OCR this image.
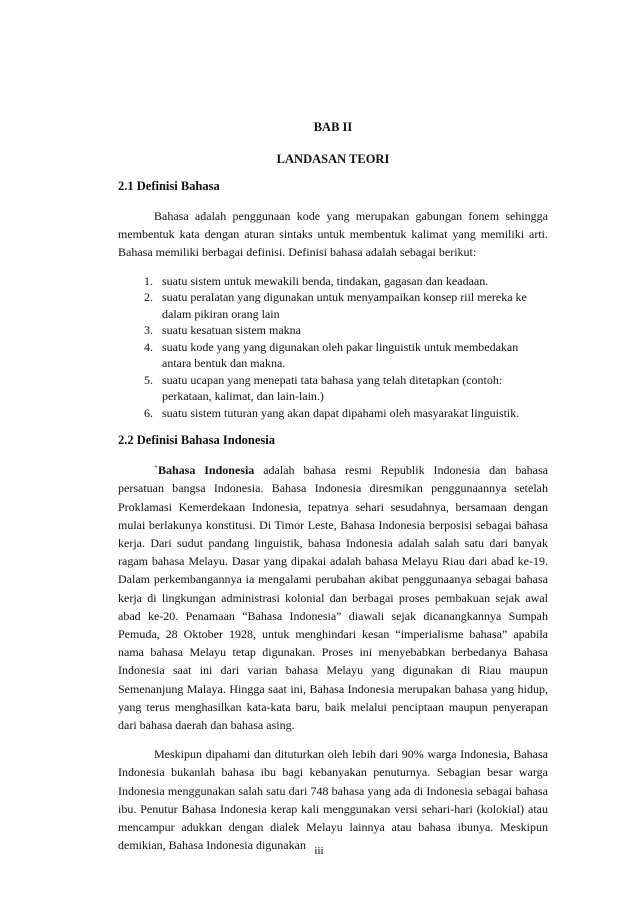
BAB II
LANDASAN TEORI
2.1 Definisi Bahasa

Bahasa adalah penggunaan kode yang merupakan gabungan fonem sehingga membentuk kata dengan aturan sintaks untuk membentuk kalimat yang memiliki arti. Bahasa memiliki berbagai definisi. Definisi bahasa adalah sebagai berikut:

1. suatu sistem untuk mewakili benda, tindakan, gagasan dan keadaan.
2. suatu peralatan yang digunakan untuk menyampaikan konsep riil mereka ke dalam pikiran orang lain
3. suatu kesatuan sistem makna
4. suatu kode yang yang digunakan oleh pakar linguistik untuk membedakan antara bentuk dan makna.
5. suatu ucapan yang menepati tata bahasa yang telah ditetapkan (contoh: perkataan, kalimat, dan lain-lain.)
6. suatu sistem tuturan yang akan dapat dipahami oleh masyarakat linguistik.
2.2 Definisi Bahasa Indonesia

`Bahasa Indonesia adalah bahasa resmi Republik Indonesia dan bahasa persatuan bangsa Indonesia. Bahasa Indonesia diresmikan penggunaannya setelah Proklamasi Kemerdekaan Indonesia, tepatnya sehari sesudahnya, bersamaan dengan mulai berlakunya konstitusi. Di Timor Leste, Bahasa Indonesia berposisi sebagai bahasa kerja. Dari sudut pandang linguistik, bahasa Indonesia adalah salah satu dari banyak ragam bahasa Melayu. Dasar yang dipakai adalah bahasa Melayu Riau dari abad ke-19. Dalam perkembangannya ia mengalami perubahan akibat penggunaanya sebagai bahasa kerja di lingkungan administrasi kolonial dan berbagai proses pembakuan sejak awal abad ke-20. Penamaan “Bahasa Indonesia” diawali sejak dicanangkannya Sumpah Pemuda, 28 Oktober 1928, untuk menghindari kesan “imperialisme bahasa” apabila nama bahasa Melayu tetap digunakan. Proses ini menyebabkan berbedanya Bahasa Indonesia saat ini dari varian bahasa Melayu yang digunakan di Riau maupun Semenanjung Malaya. Hingga saat ini, Bahasa Indonesia merupakan bahasa yang hidup, yang terus menghasilkan kata-kata baru, baik melalui penciptaan maupun penyerapan dari bahasa daerah dan bahasa asing.

Meskipun dipahami dan dituturkan oleh lebih dari 90% warga Indonesia, Bahasa Indonesia bukanlah bahasa ibu bagi kebanyakan penuturnya. Sebagian besar warga Indonesia menggunakan salah satu dari 748 bahasa yang ada di Indonesia sebagai bahasa ibu. Penutur Bahasa Indonesia kerap kali menggunakan versi sehari-hari (kolokial) atau mencampur adukkan dengan dialek Melayu lainnya atau bahasa ibunya. Meskipun demikian, Bahasa Indonesia digunakan iii
